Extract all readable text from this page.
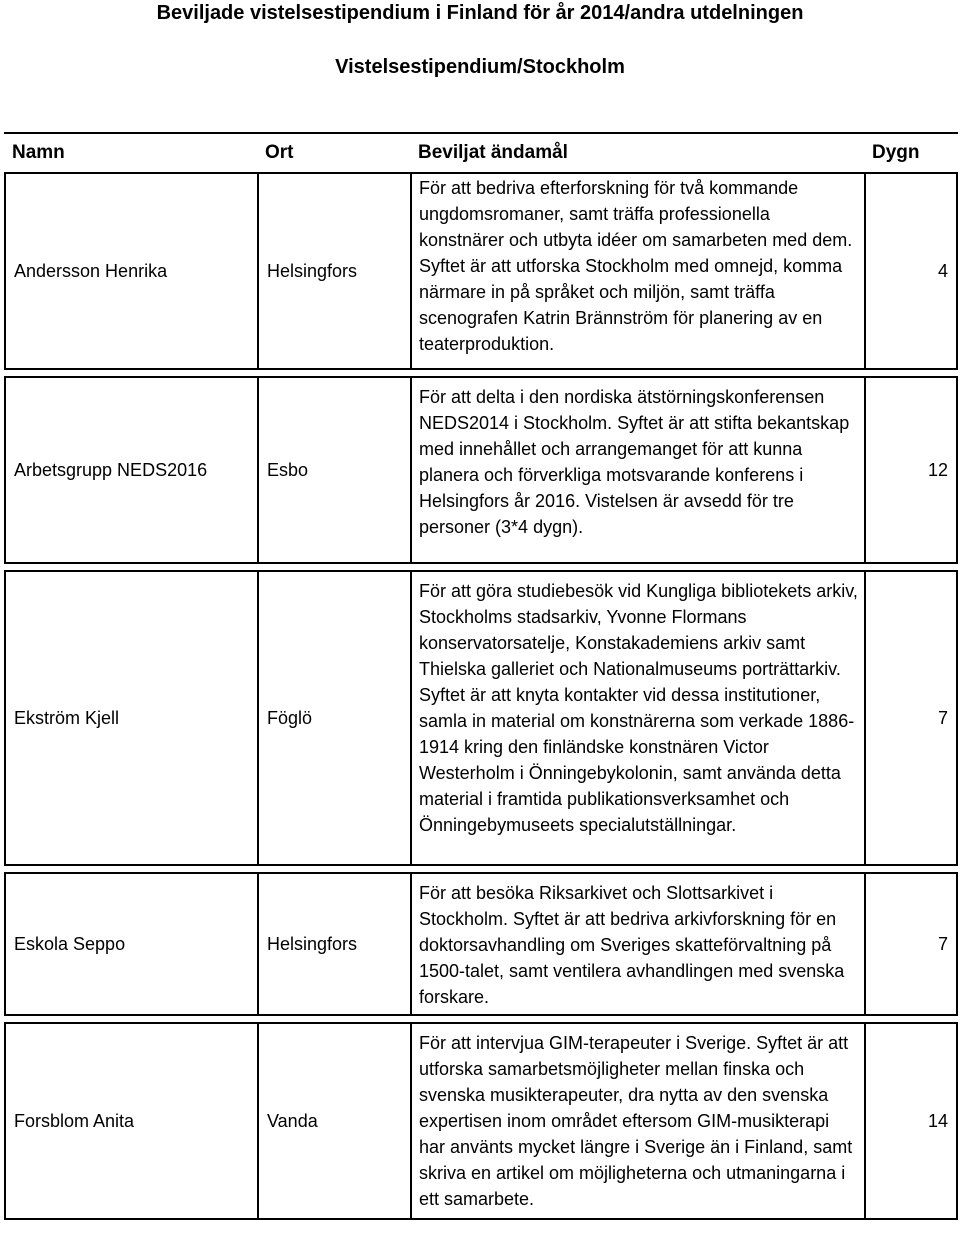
Beviljade vistelsestipendium i Finland för år 2014/andra utdelningen
Vistelsestipendium/Stockholm
Namn	Ort	Beviljat ändamål	Dygn
Andersson Henrika	Helsingfors	För att bedriva efterforskning för två kommande ungdomsromaner, samt träffa professionella konstnärer och utbyta idéer om samarbeten med dem. Syftet är att utforska Stockholm med omnejd, komma närmare in på språket och miljön, samt träffa scenografen Katrin Brännström för planering av en teaterproduktion.	4

Arbetsgrupp NEDS2016	Esbo	För att delta i den nordiska ätstörningskonferensen NEDS2014 i Stockholm. Syftet är att stifta bekantskap med innehållet och arrangemanget för att kunna planera och förverkliga motsvarande konferens i Helsingfors år 2016. Vistelsen är avsedd för tre personer (3*4 dygn).	12

Ekström Kjell	Föglö	För att göra studiebesök vid Kungliga bibliotekets arkiv, Stockholms stadsarkiv, Yvonne Flormans konservatorsatelje, Konstakademiens arkiv samt Thielska galleriet och Nationalmuseums porträttarkiv. Syftet är att knyta kontakter vid dessa institutioner, samla in material om konstnärerna som verkade 1886-1914 kring den finländske konstnären Victor Westerholm i Önningebykolonin, samt använda detta material i framtida publikationsverksamhet och Önningebymuseets specialutställningar.	7

Eskola Seppo	Helsingfors	För att besöka Riksarkivet och Slottsarkivet i Stockholm. Syftet är att bedriva arkivforskning för en doktorsavhandling om Sveriges skatteförvaltning på 1500-talet, samt ventilera avhandlingen med svenska forskare.	7

Forsblom Anita	Vanda	För att intervjua GIM-terapeuter i Sverige. Syftet är att utforska samarbetsmöjligheter mellan finska och svenska musikterapeuter, dra nytta av den svenska expertisen inom området eftersom GIM-musikterapi har använts mycket längre i Sverige än i Finland, samt skriva en artikel om möjligheterna och utmaningarna i ett samarbete.	14
